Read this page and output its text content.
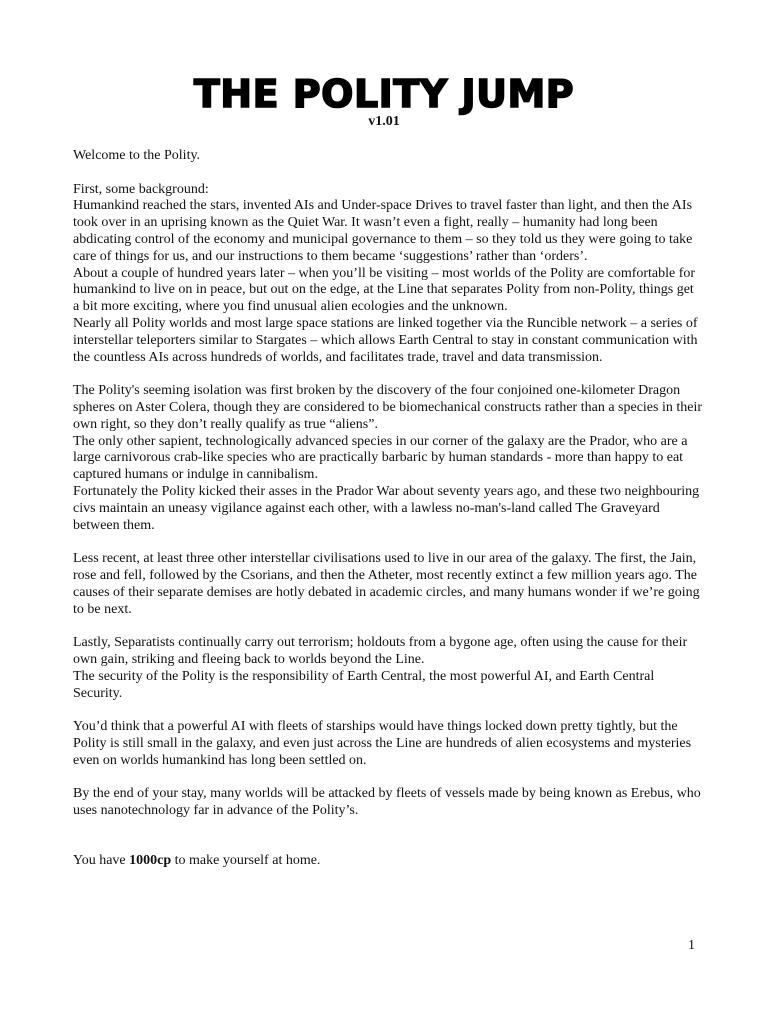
THE POLITY JUMP
v1.01

Welcome to the Polity.

First, some background:

Humankind reached the stars, invented AIs and Under-space Drives to travel faster than light, and then the AIs took over in an uprising known as the Quiet War. It wasn’t even a fight, really – humanity had long been abdicating control of the economy and municipal governance to them – so they told us they were going to take care of things for us, and our instructions to them became ‘suggestions’ rather than ‘orders’.

About a couple of hundred years later – when you’ll be visiting – most worlds of the Polity are comfortable for humankind to live on in peace, but out on the edge, at the Line that separates Polity from non-Polity, things get a bit more exciting, where you find unusual alien ecologies and the unknown.

Nearly all Polity worlds and most large space stations are linked together via the Runcible network – a series of interstellar teleporters similar to Stargates – which allows Earth Central to stay in constant communication with the countless AIs across hundreds of worlds, and facilitates trade, travel and data transmission.

The Polity's seeming isolation was first broken by the discovery of the four conjoined one-kilometer Dragon spheres on Aster Colera, though they are considered to be biomechanical constructs rather than a species in their own right, so they don’t really qualify as true “aliens”.

The only other sapient, technologically advanced species in our corner of the galaxy are the Prador, who are a large carnivorous crab-like species who are practically barbaric by human standards - more than happy to eat captured humans or indulge in cannibalism.

Fortunately the Polity kicked their asses in the Prador War about seventy years ago, and these two neighbouring civs maintain an uneasy vigilance against each other, with a lawless no-man's-land called The Graveyard between them.

Less recent, at least three other interstellar civilisations used to live in our area of the galaxy. The first, the Jain, rose and fell, followed by the Csorians, and then the Atheter, most recently extinct a few million years ago. The causes of their separate demises are hotly debated in academic circles, and many humans wonder if we’re going to be next.

Lastly, Separatists continually carry out terrorism; holdouts from a bygone age, often using the cause for their own gain, striking and fleeing back to worlds beyond the Line.

The security of the Polity is the responsibility of Earth Central, the most powerful AI, and Earth Central Security.

You’d think that a powerful AI with fleets of starships would have things locked down pretty tightly, but the Polity is still small in the galaxy, and even just across the Line are hundreds of alien ecosystems and mysteries even on worlds humankind has long been settled on.

By the end of your stay, many worlds will be attacked by fleets of vessels made by being known as Erebus, who uses nanotechnology far in advance of the Polity’s.

You have 1000cp to make yourself at home.

1
